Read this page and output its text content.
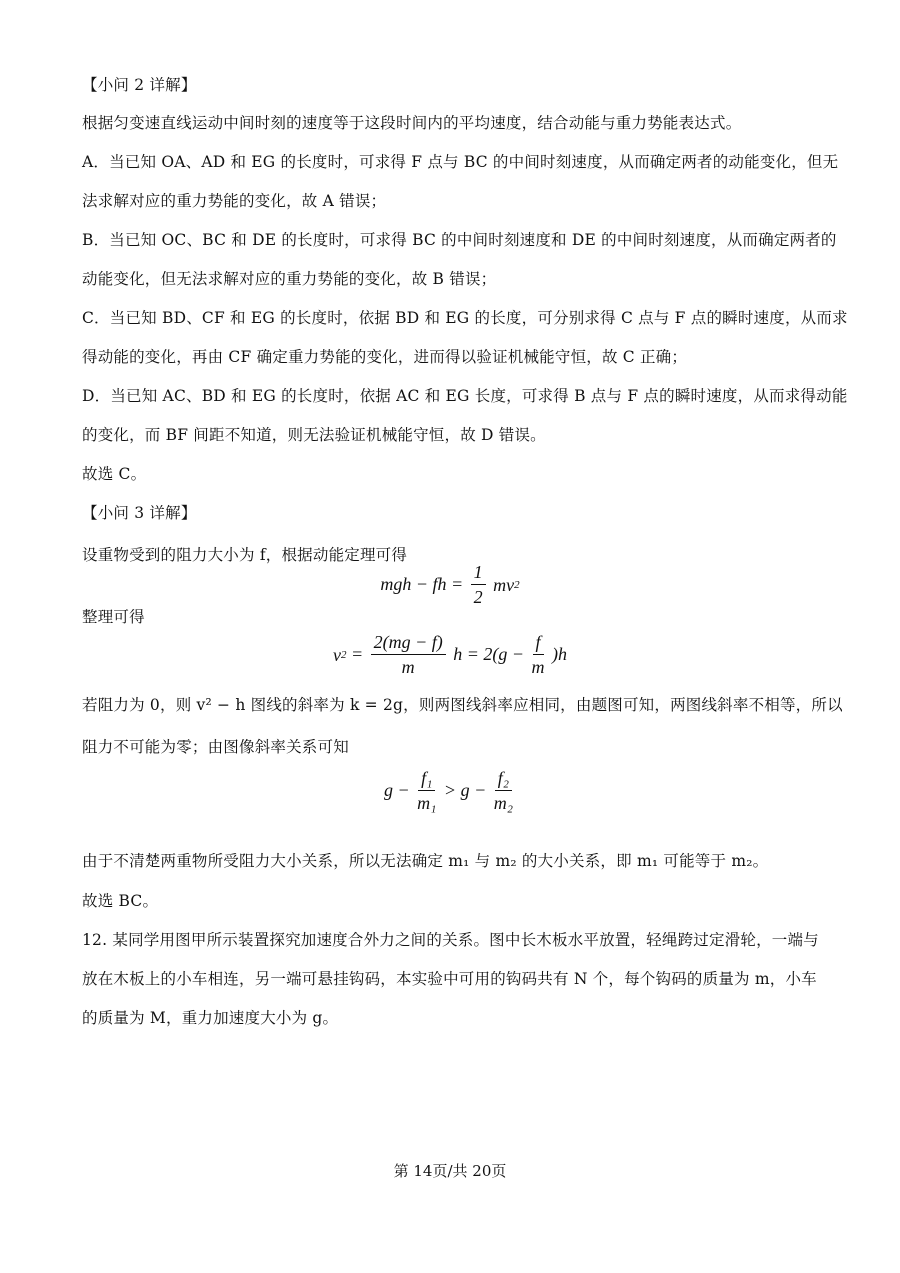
【小问 2 详解】
根据匀变速直线运动中间时刻的速度等于这段时间内的平均速度，结合动能与重力势能表达式。
A．当已知 OA、AD 和 EG 的长度时，可求得 F 点与 BC 的中间时刻速度，从而确定两者的动能变化，但无
法求解对应的重力势能的变化，故 A 错误；
B．当已知 OC、BC 和 DE 的长度时，可求得 BC 的中间时刻速度和 DE 的中间时刻速度，从而确定两者的
动能变化，但无法求解对应的重力势能的变化，故 B 错误；
C．当已知 BD、CF 和 EG 的长度时，依据 BD 和 EG 的长度，可分别求得 C 点与 F 点的瞬时速度，从而求
得动能的变化，再由 CF 确定重力势能的变化，进而得以验证机械能守恒，故 C 正确；
D．当已知 AC、BD 和 EG 的长度时，依据 AC 和 EG 长度，可求得 B 点与 F 点的瞬时速度，从而求得动能
的变化，而 BF 间距不知道，则无法验证机械能守恒，故 D 错误。
故选 C。
【小问 3 详解】
设重物受到的阻力大小为 f，根据动能定理可得
mgh − fh = $\frac{1}{2} mv2$
整理可得
$v2 = \frac{2(mg - f)}{m}$ $h = 2(g - \frac{f}{m} )h$
若阻力为 0，则 v² − h 图线的斜率为 k = 2g，则两图线斜率应相同，由题图可知，两图线斜率不相等，所以
阻力不可能为零；由图像斜率关系可知
$g - \frac{\text{f₁}}{\text{m₁}} > g - \frac{\text{f₂}}{\text{m₂}}$
由于不清楚两重物所受阻力大小关系，所以无法确定 m₁ 与 m₂ 的大小关系，即 m₁ 可能等于 m₂。
故选 BC。
12. 某同学用图甲所示装置探究加速度合外力之间的关系。图中长木板水平放置，轻绳跨过定滑轮，一端与
放在木板上的小车相连，另一端可悬挂钩码，本实验中可用的钩码共有 N 个，每个钩码的质量为 m，小车
的质量为 M，重力加速度大小为 g。
第 14页/共 20页
